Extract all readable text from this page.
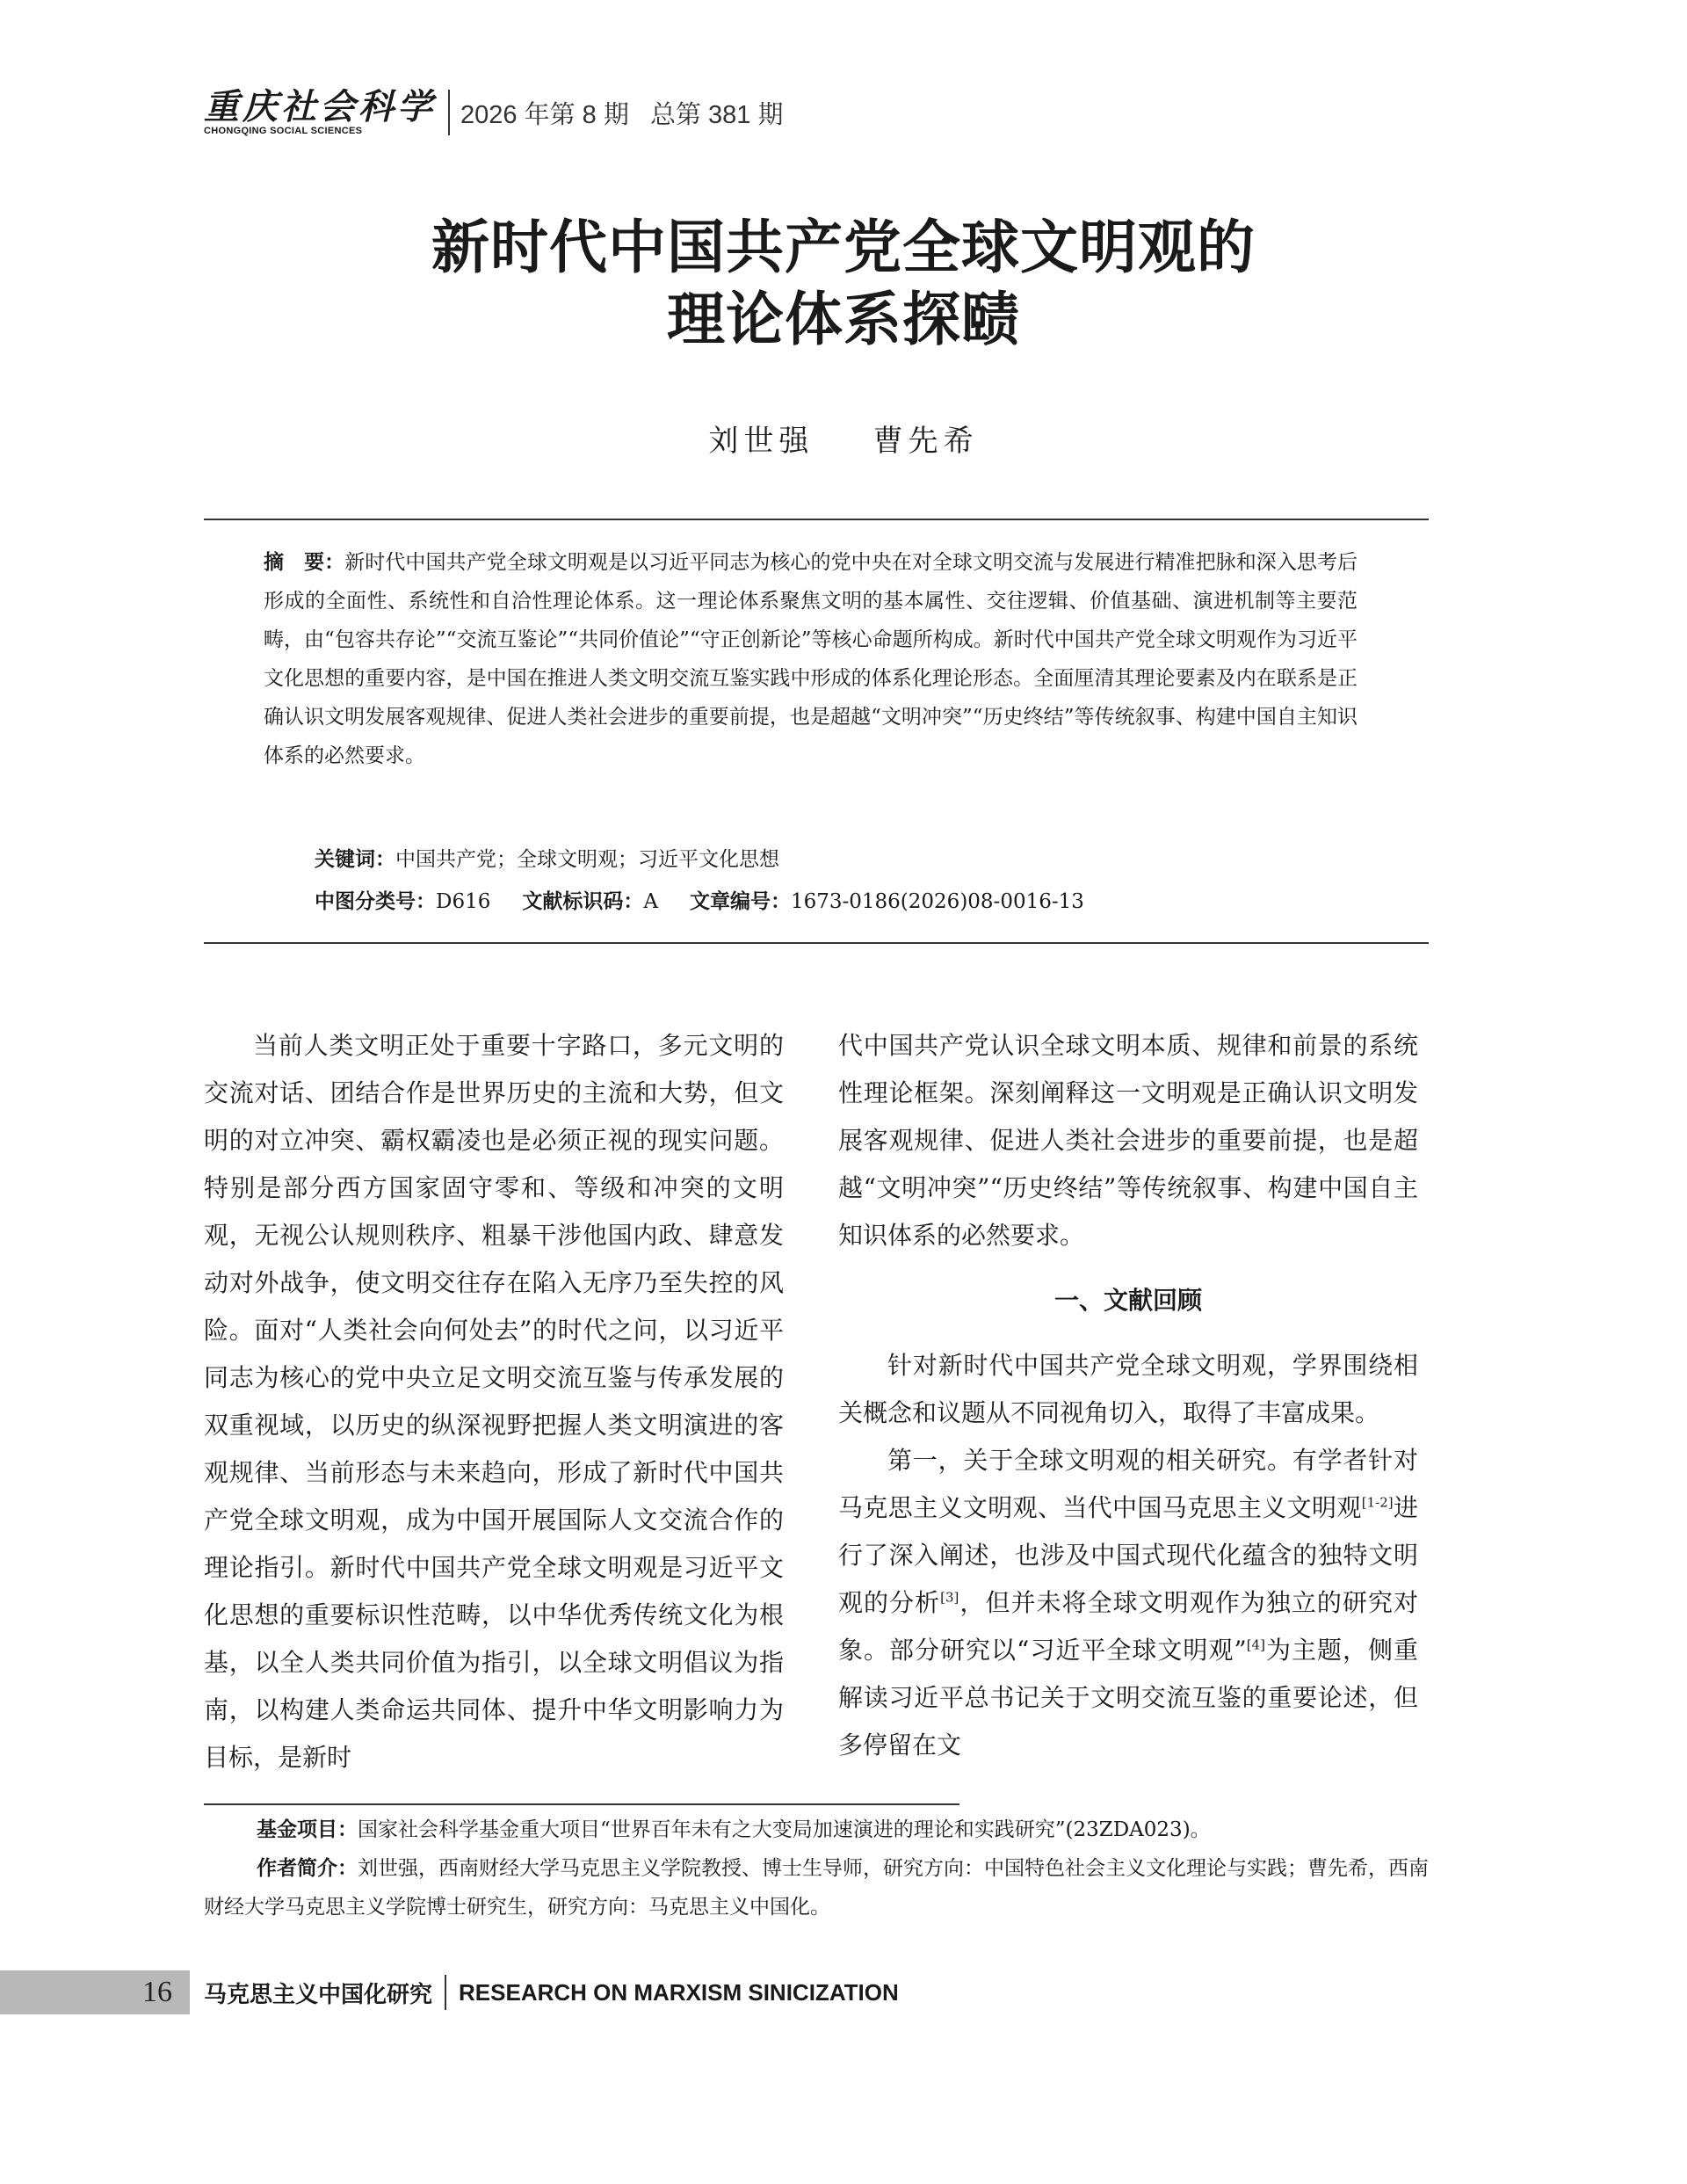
重庆社会科学
CHONGQING SOCIAL SCIENCES
2026 年第 8 期   总第 381 期
新时代中国共产党全球文明观的
理论体系探赜
刘世强    曹先希
摘　要：新时代中国共产党全球文明观是以习近平同志为核心的党中央在对全球文明交流与发展进行精准把脉和深入思考后形成的全面性、系统性和自洽性理论体系。这一理论体系聚焦文明的基本属性、交往逻辑、价值基础、演进机制等主要范畴，由“包容共存论”“交流互鉴论”“共同价值论”“守正创新论”等核心命题所构成。新时代中国共产党全球文明观作为习近平文化思想的重要内容，是中国在推进人类文明交流互鉴实践中形成的体系化理论形态。全面厘清其理论要素及内在联系是正确认识文明发展客观规律、促进人类社会进步的重要前提，也是超越“文明冲突”“历史终结”等传统叙事、构建中国自主知识体系的必然要求。
关键词：中国共产党；全球文明观；习近平文化思想
中图分类号：D616 文献标识码：A 文章编号：1673-0186(2026)08-0016-13

当前人类文明正处于重要十字路口，多元文明的交流对话、团结合作是世界历史的主流和大势，但文明的对立冲突、霸权霸凌也是必须正视的现实问题。特别是部分西方国家固守零和、等级和冲突的文明观，无视公认规则秩序、粗暴干涉他国内政、肆意发动对外战争，使文明交往存在陷入无序乃至失控的风险。面对“人类社会向何处去”的时代之问，以习近平同志为核心的党中央立足文明交流互鉴与传承发展的双重视域，以历史的纵深视野把握人类文明演进的客观规律、当前形态与未来趋向，形成了新时代中国共产党全球文明观，成为中国开展国际人文交流合作的理论指引。新时代中国共产党全球文明观是习近平文化思想的重要标识性范畴，以中华优秀传统文化为根基，以全人类共同价值为指引，以全球文明倡议为指南，以构建人类命运共同体、提升中华文明影响力为目标，是新时

代中国共产党认识全球文明本质、规律和前景的系统性理论框架。深刻阐释这一文明观是正确认识文明发展客观规律、促进人类社会进步的重要前提，也是超越“文明冲突”“历史终结”等传统叙事、构建中国自主知识体系的必然要求。

一、文献回顾

针对新时代中国共产党全球文明观，学界围绕相关概念和议题从不同视角切入，取得了丰富成果。

第一，关于全球文明观的相关研究。有学者针对马克思主义文明观、当代中国马克思主义文明观[1-2]进行了深入阐述，也涉及中国式现代化蕴含的独特文明观的分析[3]，但并未将全球文明观作为独立的研究对象。部分研究以“习近平全球文明观”[4]为主题，侧重解读习近平总书记关于文明交流互鉴的重要论述，但多停留在文

基金项目：国家社会科学基金重大项目“世界百年未有之大变局加速演进的理论和实践研究”(23ZDA023)。

作者简介：刘世强，西南财经大学马克思主义学院教授、博士生导师，研究方向：中国特色社会主义文化理论与实践；曹先希，西南财经大学马克思主义学院博士研究生，研究方向：马克思主义中国化。

16 马克思主义中国化研究 RESEARCH ON MARXISM SINICIZATION
